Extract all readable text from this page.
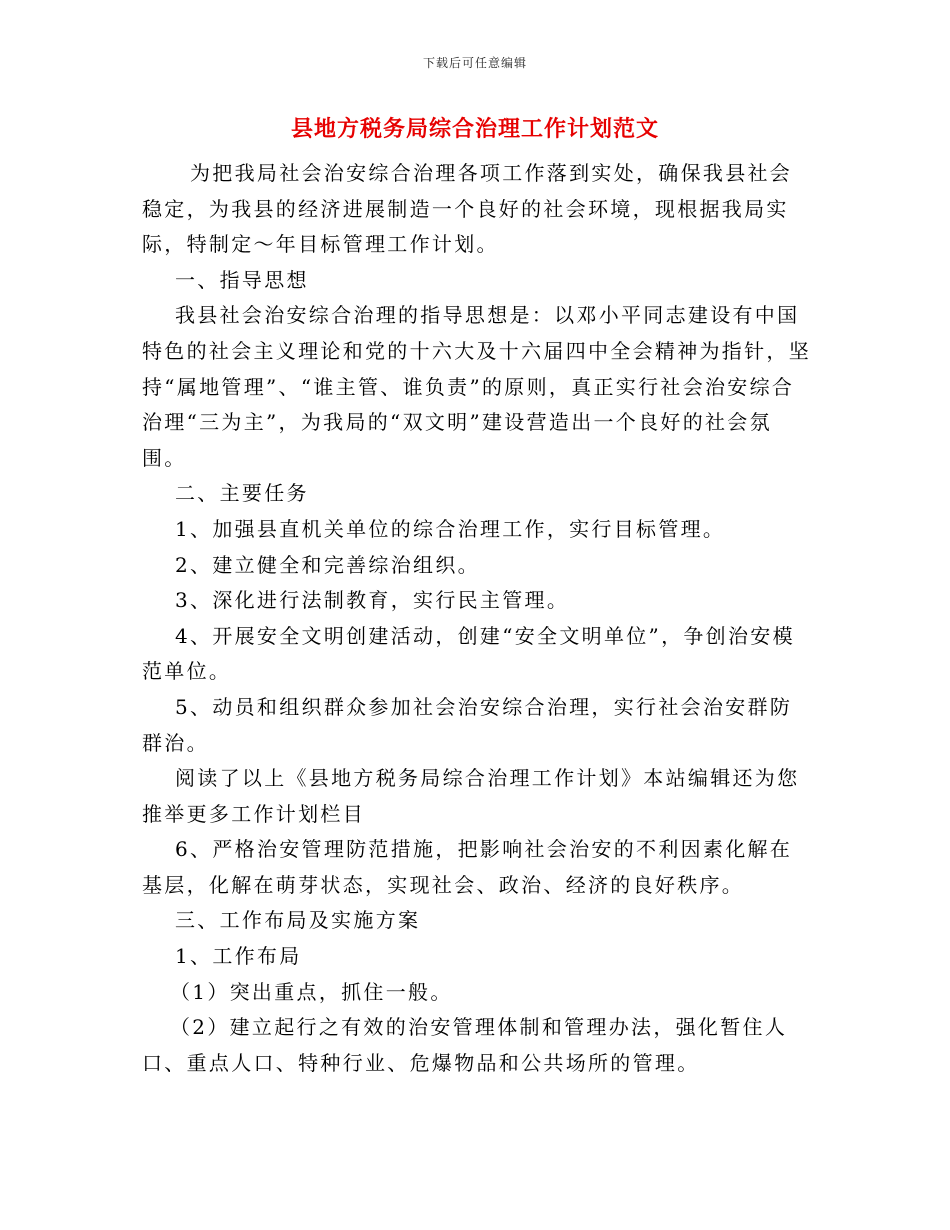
下载后可任意编辑
县地方税务局综合治理工作计划范文

为把我局社会治安综合治理各项工作落到实处，确保我县社会稳定，为我县的经济进展制造一个良好的社会环境，现根据我局实际，特制定～年目标管理工作计划。

一、指导思想

我县社会治安综合治理的指导思想是：以邓小平同志建设有中国特色的社会主义理论和党的十六大及十六届四中全会精神为指针，坚持“属地管理”、“谁主管、谁负责”的原则，真正实行社会治安综合治理“三为主”，为我局的“双文明”建设营造出一个良好的社会氛围。

二、主要任务

1、加强县直机关单位的综合治理工作，实行目标管理。

2、建立健全和完善综治组织。

3、深化进行法制教育，实行民主管理。

4、开展安全文明创建活动，创建“安全文明单位”，争创治安模范单位。

5、动员和组织群众参加社会治安综合治理，实行社会治安群防群治。

阅读了以上《县地方税务局综合治理工作计划》本站编辑还为您推举更多工作计划栏目

6、严格治安管理防范措施，把影响社会治安的不利因素化解在基层，化解在萌芽状态，实现社会、政治、经济的良好秩序。

三、工作布局及实施方案

1、工作布局

（1）突出重点，抓住一般。

（2）建立起行之有效的治安管理体制和管理办法，强化暂住人口、重点人口、特种行业、危爆物品和公共场所的管理。
